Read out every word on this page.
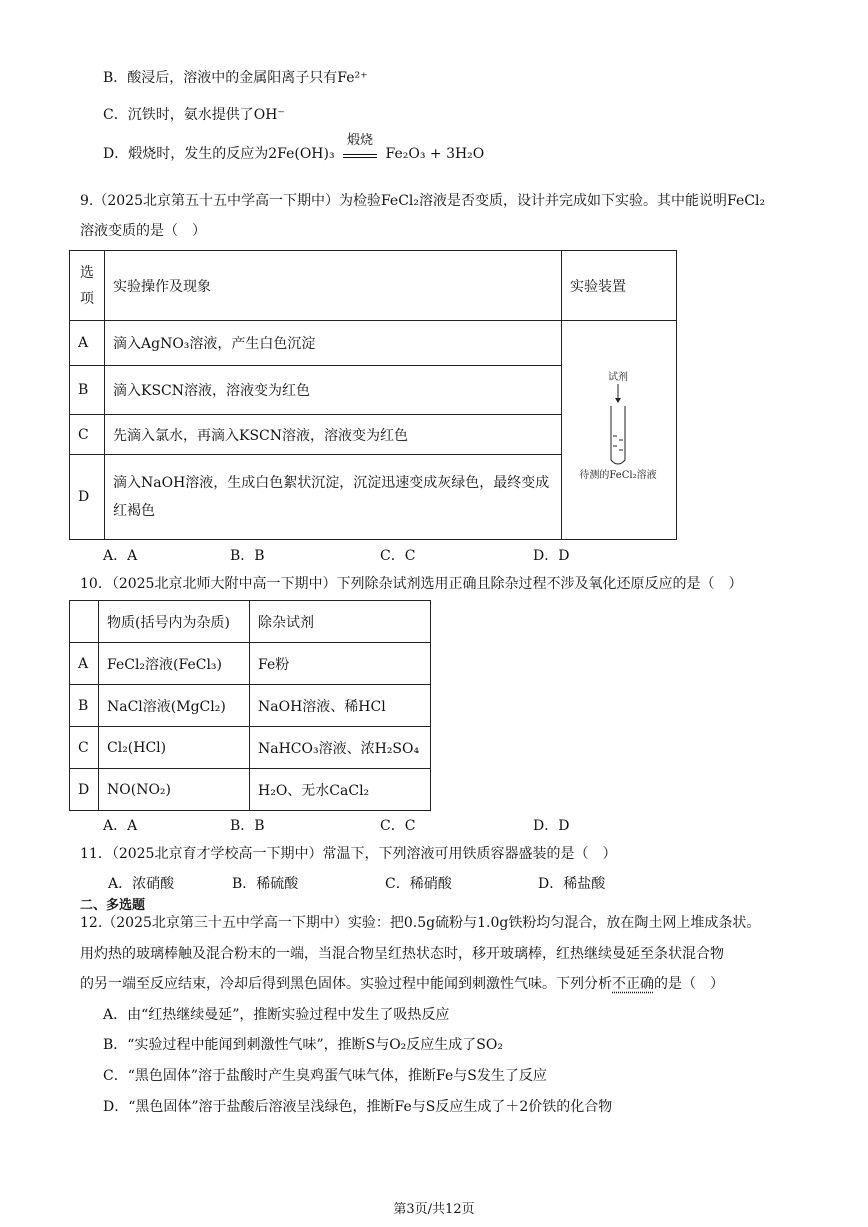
B．酸浸后，溶液中的金属阳离子只有Fe²⁺
C．沉铁时，氨水提供了OH⁻
D．煅烧时，发生的反应为2Fe(OH)₃
煅烧
Fe₂O₃ + 3H₂O
9.（2025北京第五十五中学高一下期中）为检验FeCl₂溶液是否变质，设计并完成如下实验。其中能说明FeCl₂
溶液变质的是（　）
选项	实验操作及现象	实验装置
A	滴入AgNO₃溶液，产生白色沉淀	试剂
待测的FeCl₂溶液

B	滴入KSCN溶液，溶液变为红色	
C	先滴入氯水，再滴入KSCN溶液，溶液变为红色	
D	滴入NaOH溶液，生成白色絮状沉淀，沉淀迅速变成灰绿色，最终变成红褐色	
A．A	B．B	C．C	D．D
10．（2025北京北师大附中高一下期中）下列除杂试剂选用正确且除杂过程不涉及氧化还原反应的是（　）
	物质(括号内为杂质)	除杂试剂
A	FeCl₂溶液(FeCl₃)	Fe粉
B	NaCl溶液(MgCl₂)	NaOH溶液、稀HCl
C	Cl₂(HCl)	NaHCO₃溶液、浓H₂SO₄
D	NO(NO₂)	H₂O、无水CaCl₂
A．A	B．B	C．C	D．D
11．（2025北京育才学校高一下期中）常温下，下列溶液可用铁质容器盛装的是（　）
A．浓硝酸	B．稀硫酸	C．稀硝酸	D．稀盐酸
二、多选题
12.（2025北京第三十五中学高一下期中）实验：把0.5g硫粉与1.0g铁粉均匀混合，放在陶土网上堆成条状。
用灼热的玻璃棒触及混合粉末的一端，当混合物呈红热状态时，移开玻璃棒，红热继续曼延至条状混合物
的另一端至反应结束，冷却后得到黑色固体。实验过程中能闻到刺激性气味。下列分析不正确的是（　）
A．由“红热继续曼延”，推断实验过程中发生了吸热反应
B．“实验过程中能闻到刺激性气味”，推断S与O₂反应生成了SO₂
C．“黑色固体”溶于盐酸时产生臭鸡蛋气味气体，推断Fe与S发生了反应
D．“黑色固体”溶于盐酸后溶液呈浅绿色，推断Fe与S反应生成了＋2价铁的化合物
第3页/共12页
